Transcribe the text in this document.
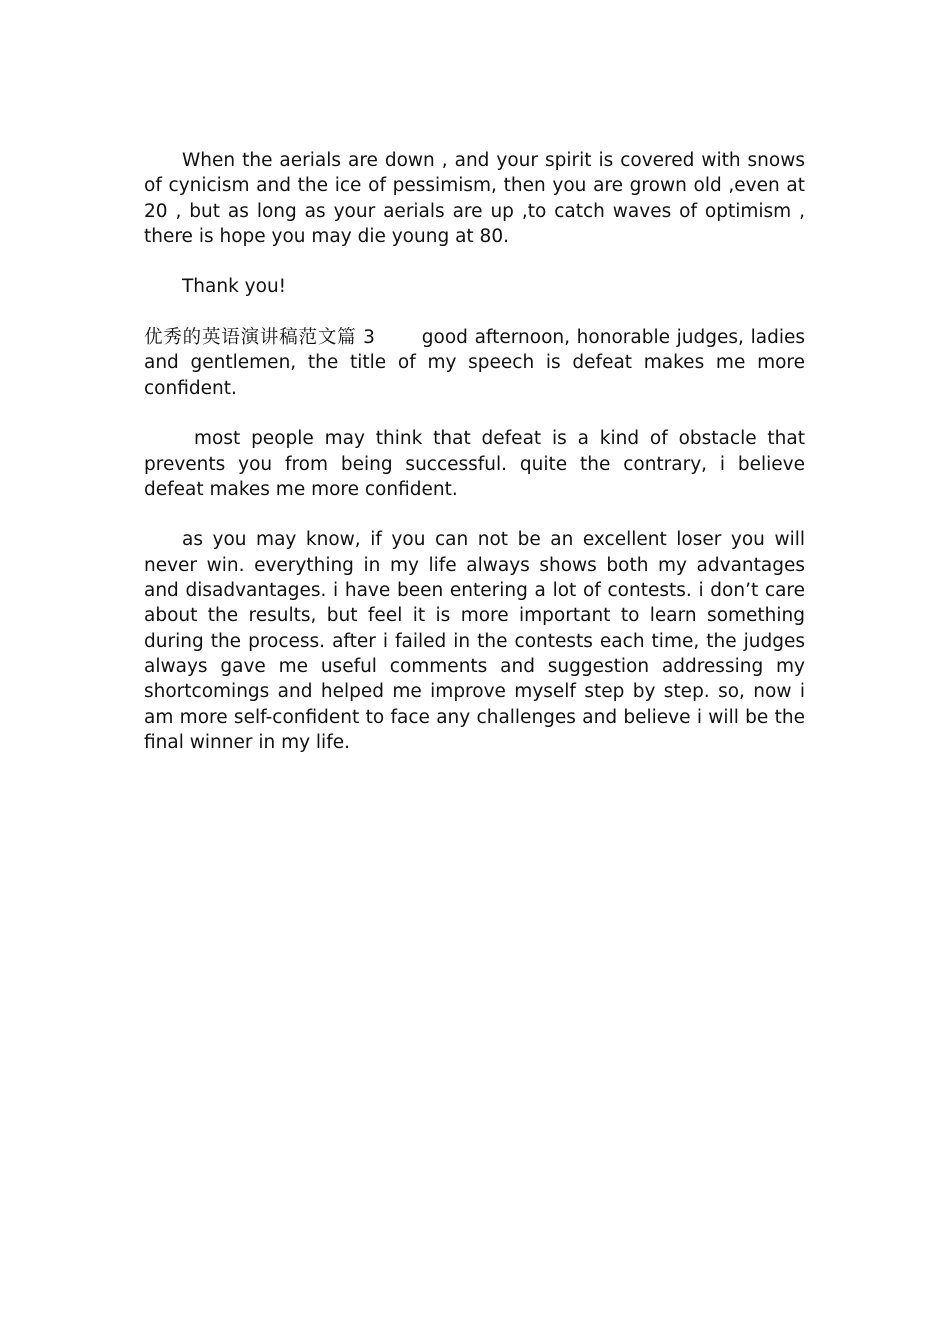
When the aerials are down , and your spirit is covered with snows of cynicism and the ice of pessimism, then you are grown old ,even at 20 , but as long as your aerials are up ,to catch waves of optimism , there is hope you may die young at 80.

Thank you!

优秀的英语演讲稿范文篇 3	good afternoon, honorable judges, ladies and gentlemen, the title of my speech is defeat makes me more confident.

most people may think that defeat is a kind of obstacle that prevents you from being successful. quite the contrary, i believe defeat makes me more confident.

as you may know, if you can not be an excellent loser you will never win. everything in my life always shows both my advantages and disadvantages. i have been entering a lot of contests. i don’t care about the results, but feel it is more important to learn something during the process. after i failed in the contests each time, the judges always gave me useful comments and suggestion addressing my shortcomings and helped me improve myself step by step. so, now i am more self-confident to face any challenges and believe i will be the final winner in my life.
